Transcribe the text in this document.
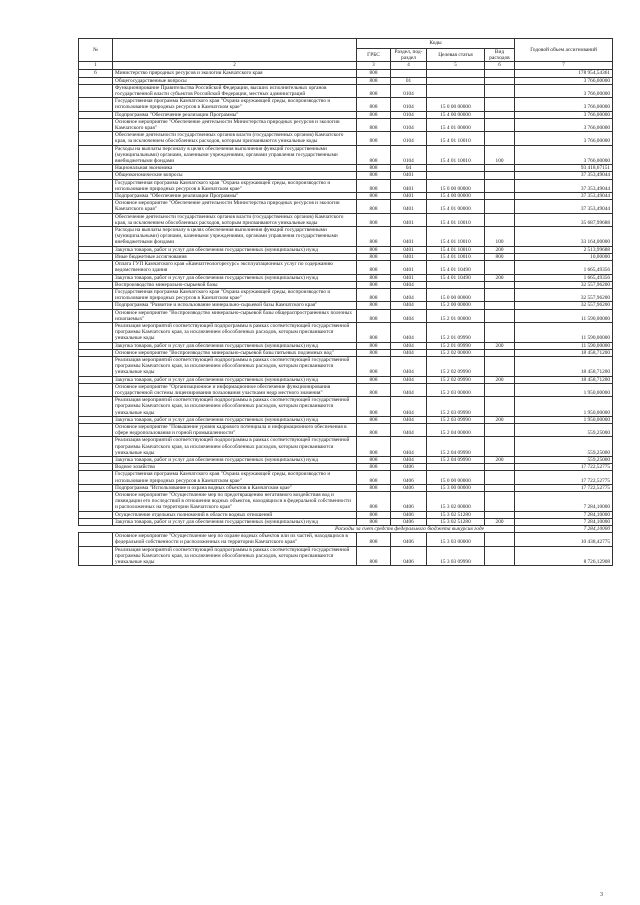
№		Коды				Годовой объем ассигнований
		ГРБС	Раздел, под-раздел	Целевая статья	Вид расходов	
1	2	3	4	5	6	7
6	Министерство природных ресурсов и экологии Камчатского края	808				178 954,54361
	Общегосударственные вопросы	808	01			3 766,00000
	Функционирование Правительства Российской Федерации, высших исполнительных органов государственной власти субъектов Российской Федерации, местных администраций	808	0104			3 766,00000
	Государственная программа Камчатского края "Охрана окружающей среды, воспроизводство и использование природных ресурсов в Камчатском крае"	808	0104	15 0 00 00000		3 766,00000
	Подпрограмма "Обеспечение реализации Программы"	808	0104	15 4 00 00000		3 766,00000
	Основное мероприятие "Обеспечение деятельности Министерства природных ресурсов и экологии Камчатского края"	808	0104	15 4 01 00000		3 766,00000
	Обеспечение деятельности государственных органов власти (государственных органов) Камчатского края, за исключением обособленных расходов, которым присваиваются уникальные коды	808	0104	15 4 01 10010		3 766,00000
	Расходы на выплаты персоналу в целях обеспечения выполнения функций государственными (муниципальными) органами, казенными учреждениями, органами управления государственными внебюджетными фондами	808	0104	15 4 01 10010	100	3 766,00000
	Национальная экономика	808	04			93 418,67151
	Общеэкономические вопросы	808	0401			37 353,49044
	Государственная программа Камчатского края "Охрана окружающей среды, воспроизводство и использование природных ресурсов в Камчатском крае"	808	0401	15 0 00 00000		37 353,49044
	Подпрограмма "Обеспечение реализации Программы"	808	0401	15 4 00 00000		37 353,49044
	Основное мероприятие "Обеспечение деятельности Министерства природных ресурсов и экологии Камчатского края"	808	0401	15 4 01 00000		37 353,49044
	Обеспечение деятельности государственных органов власти (государственных органов) Камчатского края, за исключением обособленных расходов, которым присваиваются уникальные коды	808	0401	15 4 01 10010		35 687,99688
	Расходы на выплаты персоналу в целях обеспечения выполнения функций государственными (муниципальными) органами, казенными учреждениями, органами управления государственными внебюджетными фондами	808	0401	15 4 01 10010	100	33 164,00000
	Закупка товаров, работ и услуг для обеспечения государственных (муниципальных) нужд	808	0401	15 4 01 10010	200	2 513,99688
	Иные бюджетные ассигнования	808	0401	15 4 01 10010	800	10,00000
	Оплата ГУП Камчатского края «Камчатгеологоресурс» эксплуатационных услуг по содержанию ведомственного здания	808	0401	15 4 01 10490		1 665,49356
	Закупка товаров, работ и услуг для обеспечения государственных (муниципальных) нужд	808	0401	15 4 01 10490	200	1 665,49356
	Воспроизводство минерально-сырьевой базы	808	0404			32 557,96200
	Государственная программа Камчатского края "Охрана окружающей среды, воспроизводство и использование природных ресурсов в Камчатском крае"	808	0404	15 0 00 00000		32 557,96200
	Подпрограмма "Развитие и использование минерально-сырьевой базы Камчатского края"	808	0404	15 2 00 00000		32 557,96200
	Основное мероприятие "Воспроизводство минерально-сырьевой базы общераспространенных полезных ископаемых"	808	0404	15 2 01 00000		11 590,00000
	Реализация мероприятий соответствующей подпрограммы в рамках соответствующей государственной программы Камчатского края, за исключением обособленных расходов, которым присваиваются уникальные коды	808	0404	15 2 01 09990		11 590,00000
	Закупка товаров, работ и услуг для обеспечения государственных (муниципальных) нужд	808	0404	15 2 01 09990	200	11 590,00000
	Основное мероприятие "Воспроизводство минерально-сырьевой базы питьевых подземных вод"	808	0404	15 2 02 00000		18 458,71200
	Реализация мероприятий соответствующей подпрограммы в рамках соответствующей государственной программы Камчатского края, за исключением обособленных расходов, которым присваиваются уникальные коды	808	0404	15 2 02 09990		18 458,71200
	Закупка товаров, работ и услуг для обеспечения государственных (муниципальных) нужд	808	0404	15 2 02 09990	200	18 458,71200
	Основное мероприятие "Организационное и информационное обеспечение функционирования государственной системы лицензирования пользования участками недр местного значения"	808	0404	15 2 03 00000		1 950,00000
	Реализация мероприятий соответствующей подпрограммы в рамках соответствующей государственной программы Камчатского края, за исключением обособленных расходов, которым присваиваются уникальные коды	808	0404	15 2 03 09990		1 950,00000
	Закупка товаров, работ и услуг для обеспечения государственных (муниципальных) нужд	808	0404	15 2 03 09990	200	1 950,00000
	Основное мероприятие "Повышение уровня кадрового потенциала и информационного обеспечения в сфере недропользования и горной промышленности"	808	0404	15 2 04 00000		559,25000
	Реализация мероприятий соответствующей подпрограммы в рамках соответствующей государственной программы Камчатского края, за исключением обособленных расходов, которым присваиваются уникальные коды	808	0404	15 2 04 09990		559,25000
	Закупка товаров, работ и услуг для обеспечения государственных (муниципальных) нужд	808	0404	15 2 04 09990	200	559,25000
	Водное хозяйство	808	0406			17 722,52775
	Государственная программа Камчатского края "Охрана окружающей среды, воспроизводство и использование природных ресурсов в Камчатском крае"	808	0406	15 0 00 00000		17 722,52775
	Подпрограмма "Использование и охрана водных объектов в Камчатском крае"	808	0406	15 3 00 00000		17 722,52775
	Основное мероприятие "Осуществление мер по предотвращению негативного воздействия вод и ликвидации его последствий в отношении водных объектов, находящихся в федеральной собственности и расположенных на территории Камчатского края"	808	0406	15 3 02 00000		7 284,10000
	Осуществление отдельных полномочий в области водных отношений	808	0406	15 3 02 51280		7 284,10000
	Закупка товаров, работ и услуг для обеспечения государственных (муниципальных) нужд	808	0406	15 3 02 51280	200	7 284,10000
						7 284,10000
	Основное мероприятие "Осуществление мер по охране водных объектов или их частей, находящихся в федеральной собственности и расположенных на территории Камчатского края"	808	0406	15 3 03 00000		10 438,42775
	Реализация мероприятий соответствующей подпрограммы в рамках соответствующей государственной программы Камчатского края, за исключением обособленных расходов, которым присваиваются уникальные коды	808	0406	15 3 03 09990		8 726,12908
Расходы за счет средств федерального бюджета выкурсив годе
3
